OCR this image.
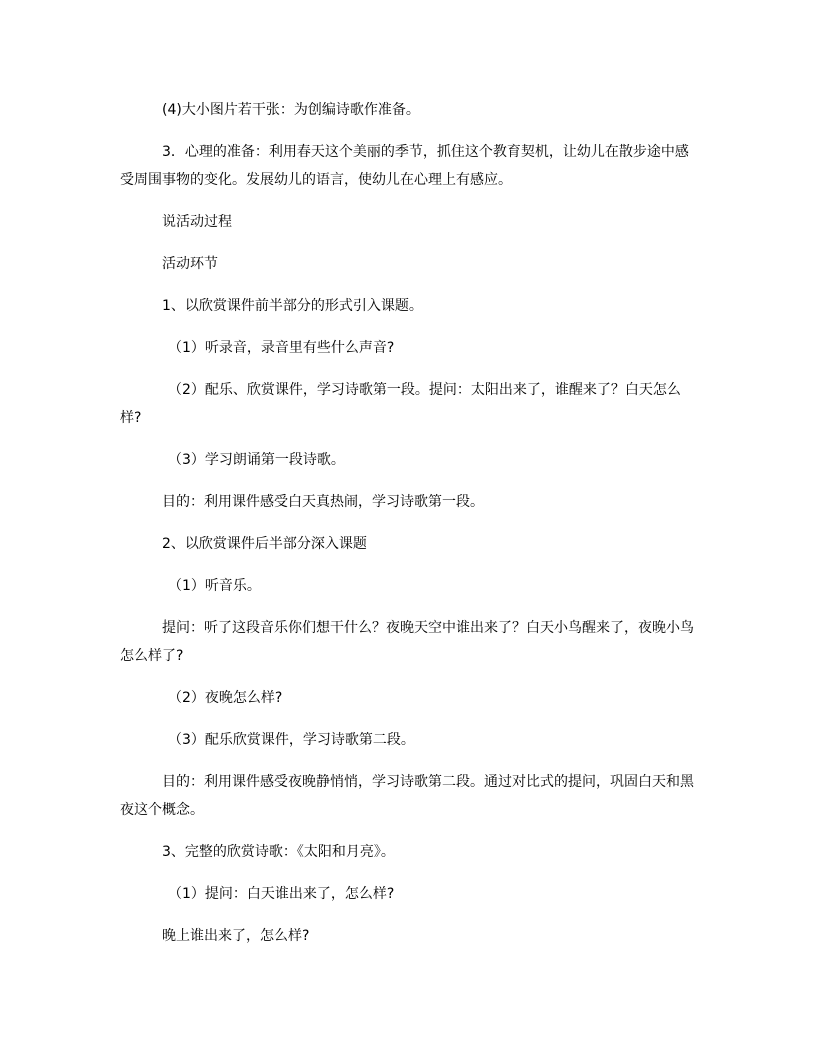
(4)大小图片若干张：为创编诗歌作准备。

3．心理的准备：利用春天这个美丽的季节，抓住这个教育契机，让幼儿在散步途中感受周围事物的变化。发展幼儿的语言，使幼儿在心理上有感应。

说活动过程

活动环节

1、以欣赏课件前半部分的形式引入课题。

（1）听录音，录音里有些什么声音?

（2）配乐、欣赏课件，学习诗歌第一段。提问：太阳出来了，谁醒来了？白天怎么样?

（3）学习朗诵第一段诗歌。

目的：利用课件感受白天真热闹，学习诗歌第一段。

2、以欣赏课件后半部分深入课题

（1）听音乐。

提问：听了这段音乐你们想干什么？夜晚天空中谁出来了？白天小鸟醒来了，夜晚小鸟怎么样了?

（2）夜晚怎么样?

（3）配乐欣赏课件，学习诗歌第二段。

目的：利用课件感受夜晚静悄悄，学习诗歌第二段。通过对比式的提问，巩固白天和黑夜这个概念。

3、完整的欣赏诗歌：《太阳和月亮》。

（1）提问：白天谁出来了，怎么样?

晚上谁出来了，怎么样?
